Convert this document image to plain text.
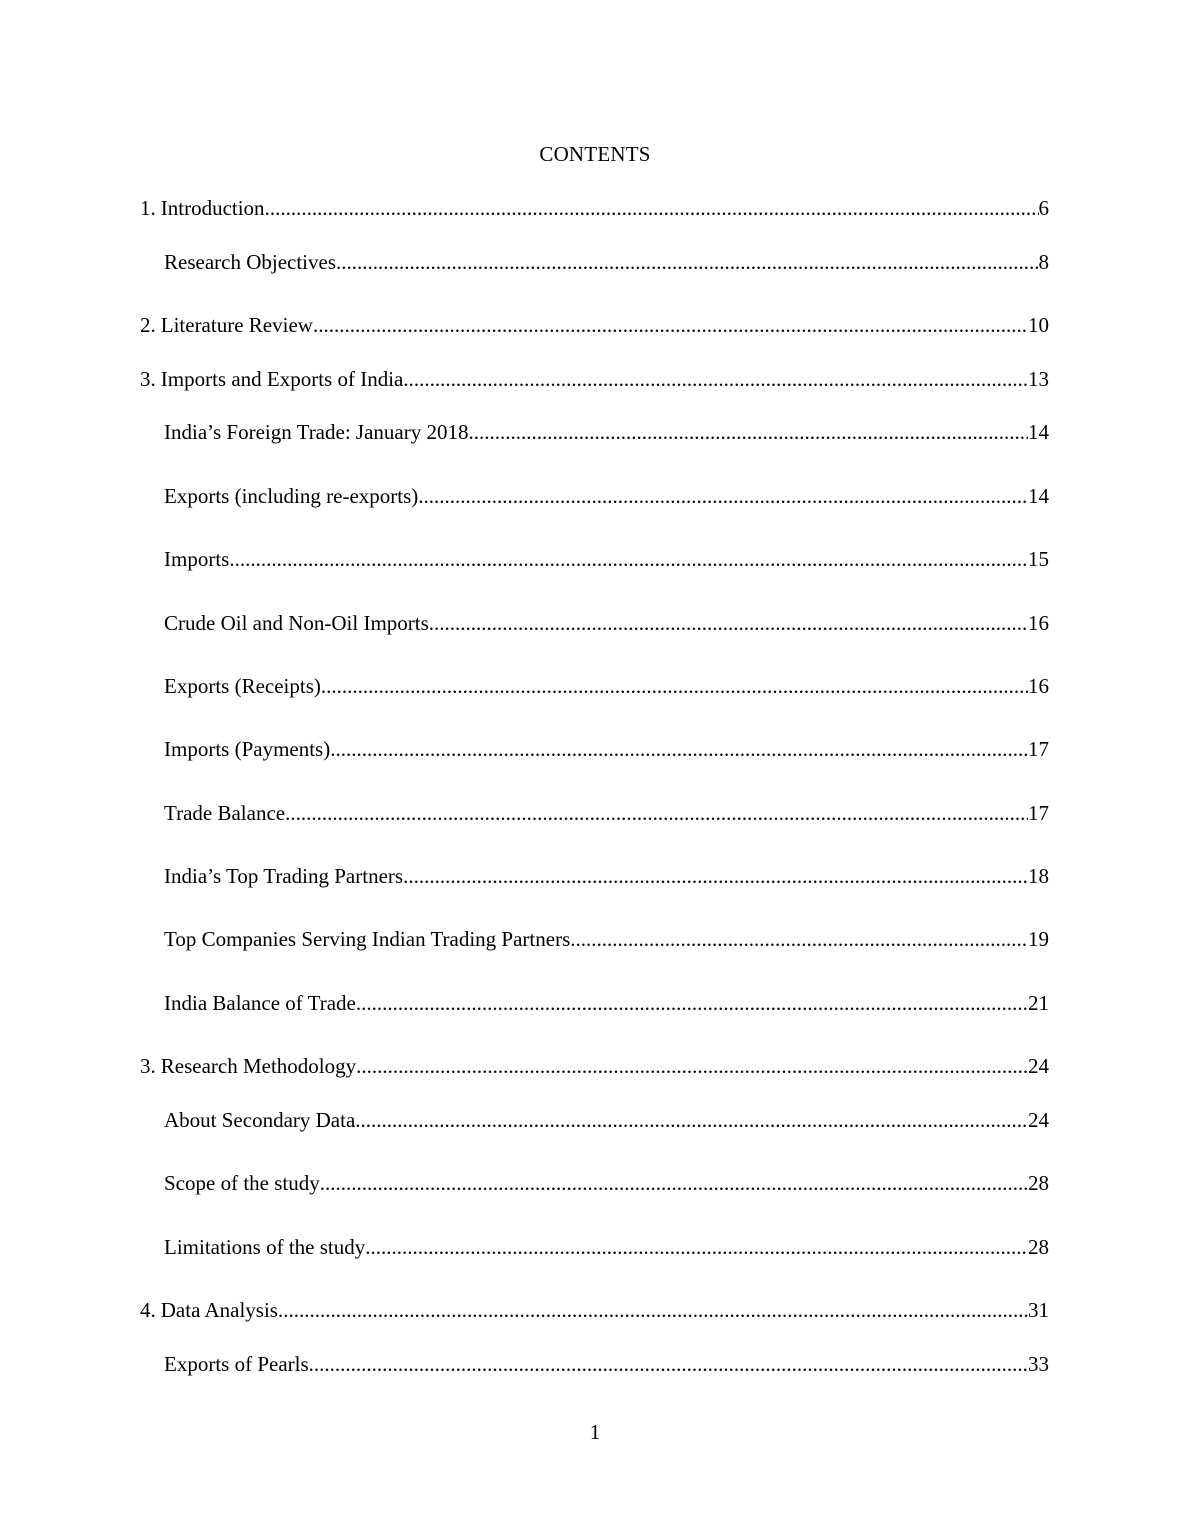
CONTENTS
1. Introduction .....	6
Research Objectives .....	8
2. Literature Review .....	10
3. Imports and Exports of India .....	13
India’s Foreign Trade: January 2018 .....	14
Exports (including re-exports) .....	14
Imports .....	15
Crude Oil and Non-Oil Imports .....	16
Exports (Receipts) .....	16
Imports (Payments) .....	17
Trade Balance .....	17
India’s Top Trading Partners .....	18
Top Companies Serving Indian Trading Partners .....	19
India Balance of Trade .....	21
3. Research Methodology .....	24
About Secondary Data .....	24
Scope of the study .....	28
Limitations of the study .....	28
4. Data Analysis .....	31
Exports of Pearls .....	33
1
